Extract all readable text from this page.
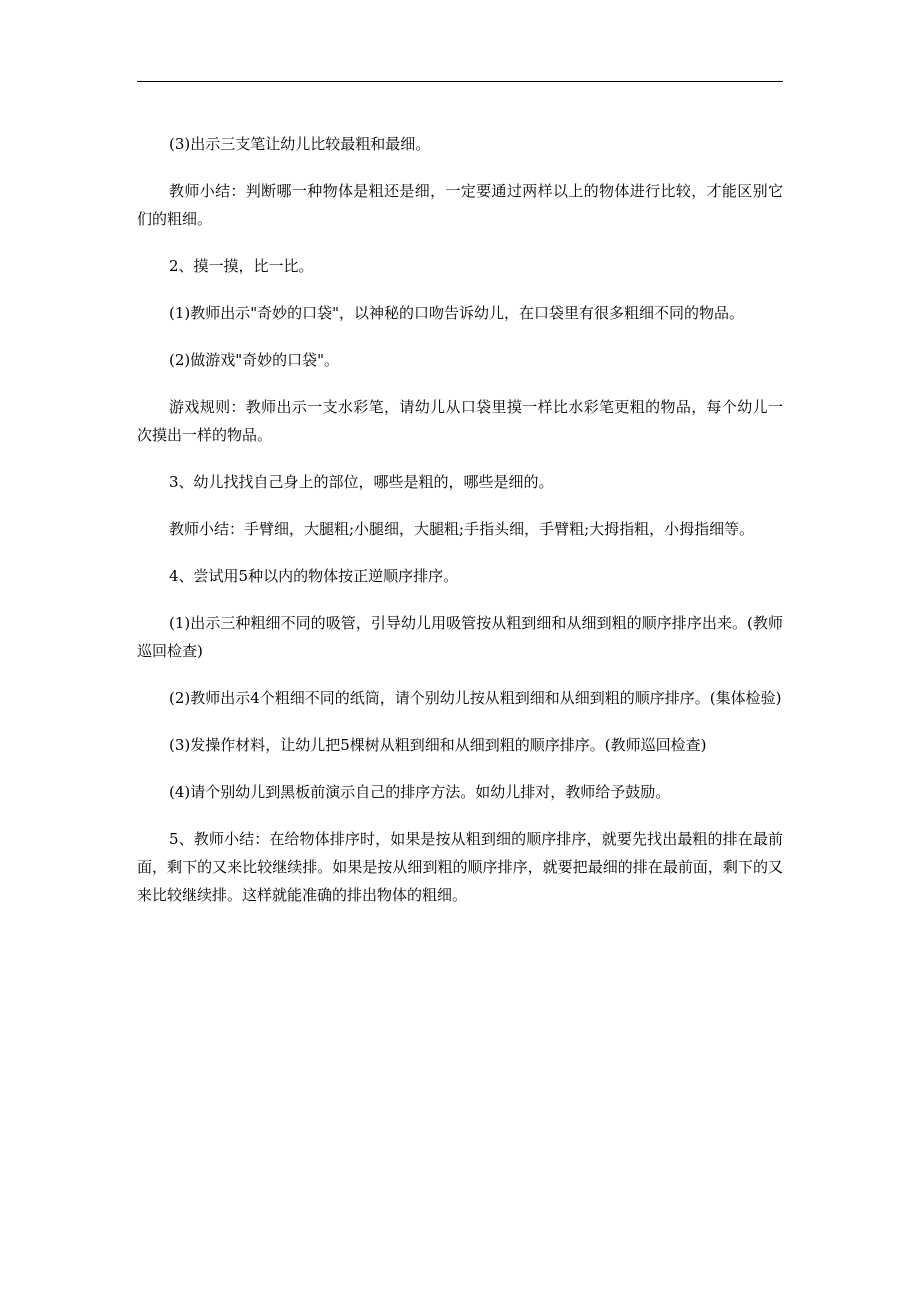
(3)出示三支笔让幼儿比较最粗和最细。

教师小结：判断哪一种物体是粗还是细，一定要通过两样以上的物体进行比较，才能区别它们的粗细。

2、摸一摸，比一比。

(1)教师出示"奇妙的口袋"，以神秘的口吻告诉幼儿，在口袋里有很多粗细不同的物品。

(2)做游戏"奇妙的口袋"。

游戏规则：教师出示一支水彩笔，请幼儿从口袋里摸一样比水彩笔更粗的物品，每个幼儿一次摸出一样的物品。

3、幼儿找找自己身上的部位，哪些是粗的，哪些是细的。

教师小结：手臂细，大腿粗;小腿细，大腿粗;手指头细，手臂粗;大拇指粗，小拇指细等。

4、尝试用5种以内的物体按正逆顺序排序。

(1)出示三种粗细不同的吸管，引导幼儿用吸管按从粗到细和从细到粗的顺序排序出来。(教师巡回检查)

(2)教师出示4个粗细不同的纸筒，请个别幼儿按从粗到细和从细到粗的顺序排序。(集体检验)

(3)发操作材料，让幼儿把5棵树从粗到细和从细到粗的顺序排序。(教师巡回检查)

(4)请个别幼儿到黑板前演示自己的排序方法。如幼儿排对，教师给予鼓励。

5、教师小结：在给物体排序时，如果是按从粗到细的顺序排序，就要先找出最粗的排在最前面，剩下的又来比较继续排。如果是按从细到粗的顺序排序，就要把最细的排在最前面，剩下的又来比较继续排。这样就能准确的排出物体的粗细。
